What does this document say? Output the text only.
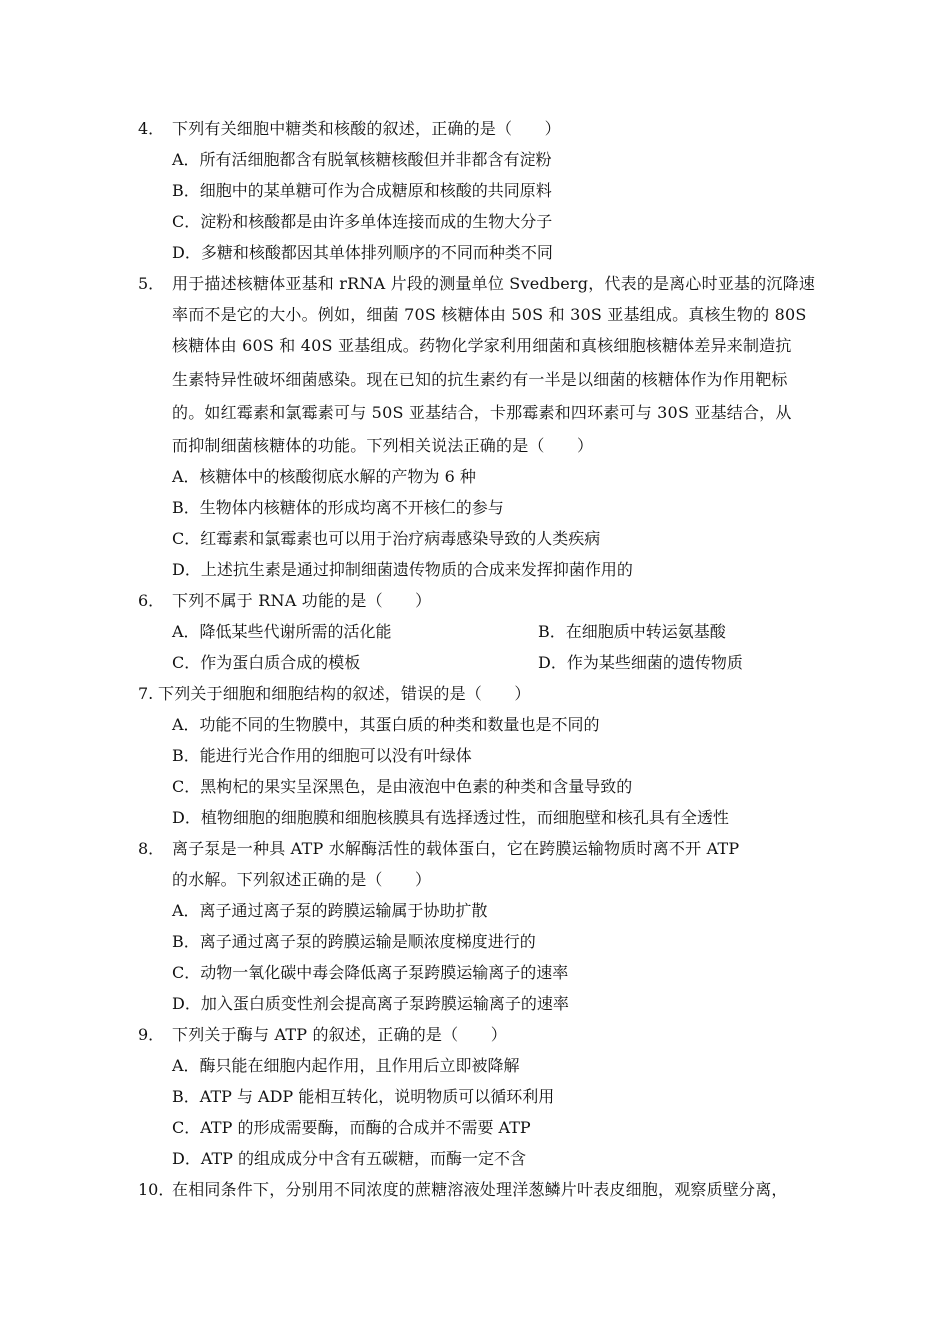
4． 下列有关细胞中糖类和核酸的叙述，正确的是（　　）
A．所有活细胞都含有脱氧核糖核酸但并非都含有淀粉
B．细胞中的某单糖可作为合成糖原和核酸的共同原料
C．淀粉和核酸都是由许多单体连接而成的生物大分子
D．多糖和核酸都因其单体排列顺序的不同而种类不同
5． 用于描述核糖体亚基和 rRNA 片段的测量单位 Svedberg，代表的是离心时亚基的沉降速
率而不是它的大小。例如，细菌 70S 核糖体由 50S 和 30S 亚基组成。真核生物的 80S
核糖体由 60S 和 40S 亚基组成。药物化学家利用细菌和真核细胞核糖体差异来制造抗
生素特异性破坏细菌感染。现在已知的抗生素约有一半是以细菌的核糖体作为作用靶标
的。如红霉素和氯霉素可与 50S 亚基结合，卡那霉素和四环素可与 30S 亚基结合，从
而抑制细菌核糖体的功能。下列相关说法正确的是（　　）
A．核糖体中的核酸彻底水解的产物为 6 种
B．生物体内核糖体的形成均离不开核仁的参与
C．红霉素和氯霉素也可以用于治疗病毒感染导致的人类疾病
D．上述抗生素是通过抑制细菌遗传物质的合成来发挥抑菌作用的
6． 下列不属于 RNA 功能的是（　　）
A．降低某些代谢所需的活化能	B．在细胞质中转运氨基酸
C．作为蛋白质合成的模板	D．作为某些细菌的遗传物质
7. 下列关于细胞和细胞结构的叙述，错误的是（　　）
A．功能不同的生物膜中，其蛋白质的种类和数量也是不同的
B．能进行光合作用的细胞可以没有叶绿体
C．黑枸杞的果实呈深黑色，是由液泡中色素的种类和含量导致的
D．植物细胞的细胞膜和细胞核膜具有选择透过性，而细胞壁和核孔具有全透性
8． 离子泵是一种具 ATP 水解酶活性的载体蛋白，它在跨膜运输物质时离不开 ATP
的水解。下列叙述正确的是（　　）
A．离子通过离子泵的跨膜运输属于协助扩散
B．离子通过离子泵的跨膜运输是顺浓度梯度进行的
C．动物一氧化碳中毒会降低离子泵跨膜运输离子的速率
D．加入蛋白质变性剂会提高离子泵跨膜运输离子的速率
9． 下列关于酶与 ATP 的叙述，正确的是（　　）
A．酶只能在细胞内起作用，且作用后立即被降解
B．ATP 与 ADP 能相互转化，说明物质可以循环利用
C．ATP 的形成需要酶，而酶的合成并不需要 ATP
D．ATP 的组成成分中含有五碳糖，而酶一定不含
10．
在相同条件下，分别用不同浓度的蔗糖溶液处理洋葱鳞片叶表皮细胞，观察质壁分离，
